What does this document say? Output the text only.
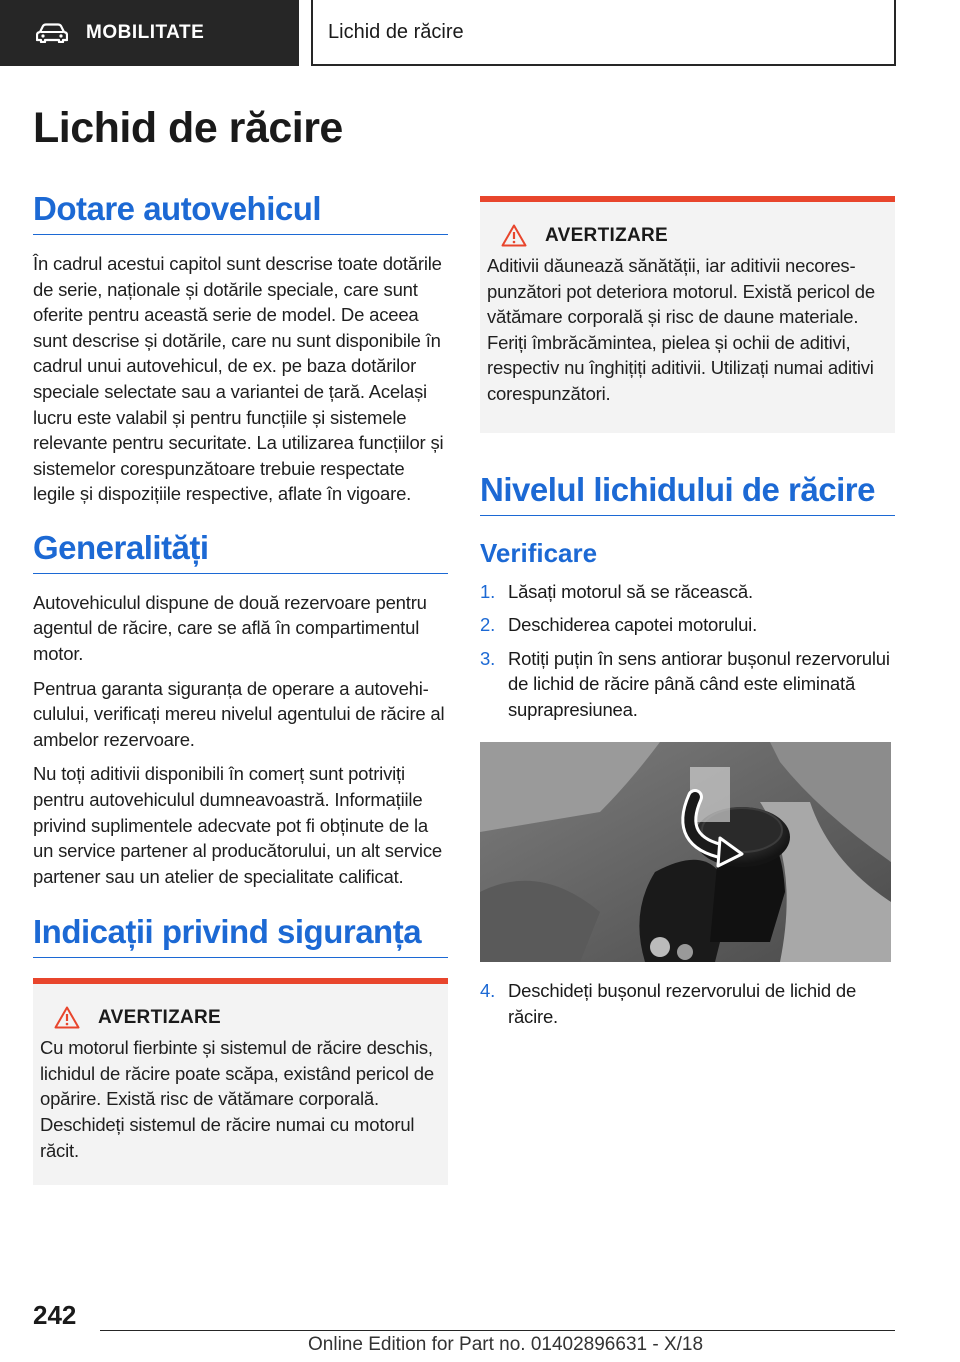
MOBILITATE	Lichid de răcire
Lichid de răcire
Dotare autovehicul

În cadrul acestui capitol sunt descrise toate dotările de serie, naționale și dotările speciale, care sunt oferite pentru această serie de model. De aceea sunt descrise și dotările, care nu sunt disponibile în cadrul unui autovehicul, de ex. pe baza dotărilor speciale selectate sau a variantei de țară. Același lucru este valabil și pentru funcțiile și sistemele relevante pentru securitate. La utilizarea funcțiilor și sistemelor corespunzătoare trebuie respectate legile și dispozițiile respective, aflate în vigoare.

Generalități

Autovehiculul dispune de două rezervoare pentru agentul de răcire, care se află în compartimentul motor.

Pentrua garanta siguranța de operare a autovehiculului, verificați mereu nivelul agentului de răcire al ambelor rezervoare.

Nu toți aditivii disponibili în comerț sunt potriviți pentru autovehiculul dumneavoastră. Informațiile privind suplimentele adecvate pot fi obținute de la un service partener al producătorului, un alt service partener sau un atelier de specialitate calificat.

Indicații privind siguranța
AVERTIZARE

Cu motorul fierbinte și sistemul de răcire deschis, lichidul de răcire poate scăpa, existând pericol de opărire. Există risc de vătămare corporală. Deschideți sistemul de răcire numai cu motorul răcit.

AVERTIZARE

Aditivii dăunează sănătății, iar aditivii necorespunzători pot deteriora motorul. Există pericol de vătămare corporală și risc de daune materiale. Feriți îmbrăcămintea, pielea și ochii de aditivi, respectiv nu înghițiți aditivii. Utilizați numai aditivi corespunzători.

Nivelul lichidului de răcire
Verificare
1. Lăsați motorul să se răcească.
2. Deschiderea capotei motorului.
3. Rotiți puțin în sens antiorar bușonul rezervorului de lichid de răcire până când este eliminată suprapresiunea.
4. Deschideți bușonul rezervorului de lichid de răcire.
242
Online Edition for Part no. 01402896631 - X/18
